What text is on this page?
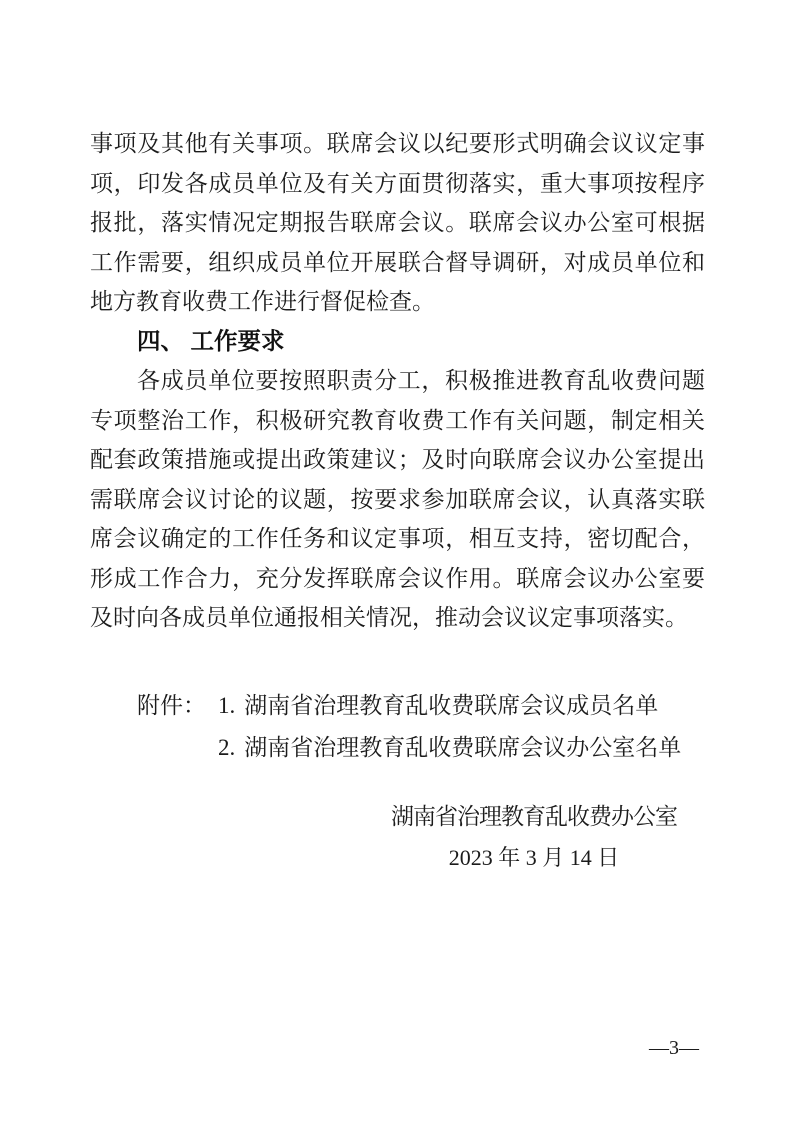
事项及其他有关事项。联席会议以纪要形式明确会议议定事项，印发各成员单位及有关方面贯彻落实，重大事项按程序报批，落实情况定期报告联席会议。联席会议办公室可根据工作需要，组织成员单位开展联合督导调研，对成员单位和地方教育收费工作进行督促检查。

四、 工作要求

各成员单位要按照职责分工，积极推进教育乱收费问题专项整治工作，积极研究教育收费工作有关问题，制定相关配套政策措施或提出政策建议；及时向联席会议办公室提出需联席会议讨论的议题，按要求参加联席会议，认真落实联席会议确定的工作任务和议定事项，相互支持，密切配合，形成工作合力，充分发挥联席会议作用。联席会议办公室要及时向各成员单位通报相关情况，推动会议议定事项落实。

附件： 1. 湖南省治理教育乱收费联席会议成员名单
2. 湖南省治理教育乱收费联席会议办公室名单
湖南省治理教育乱收费办公室
2023 年 3 月 14 日
—3—
